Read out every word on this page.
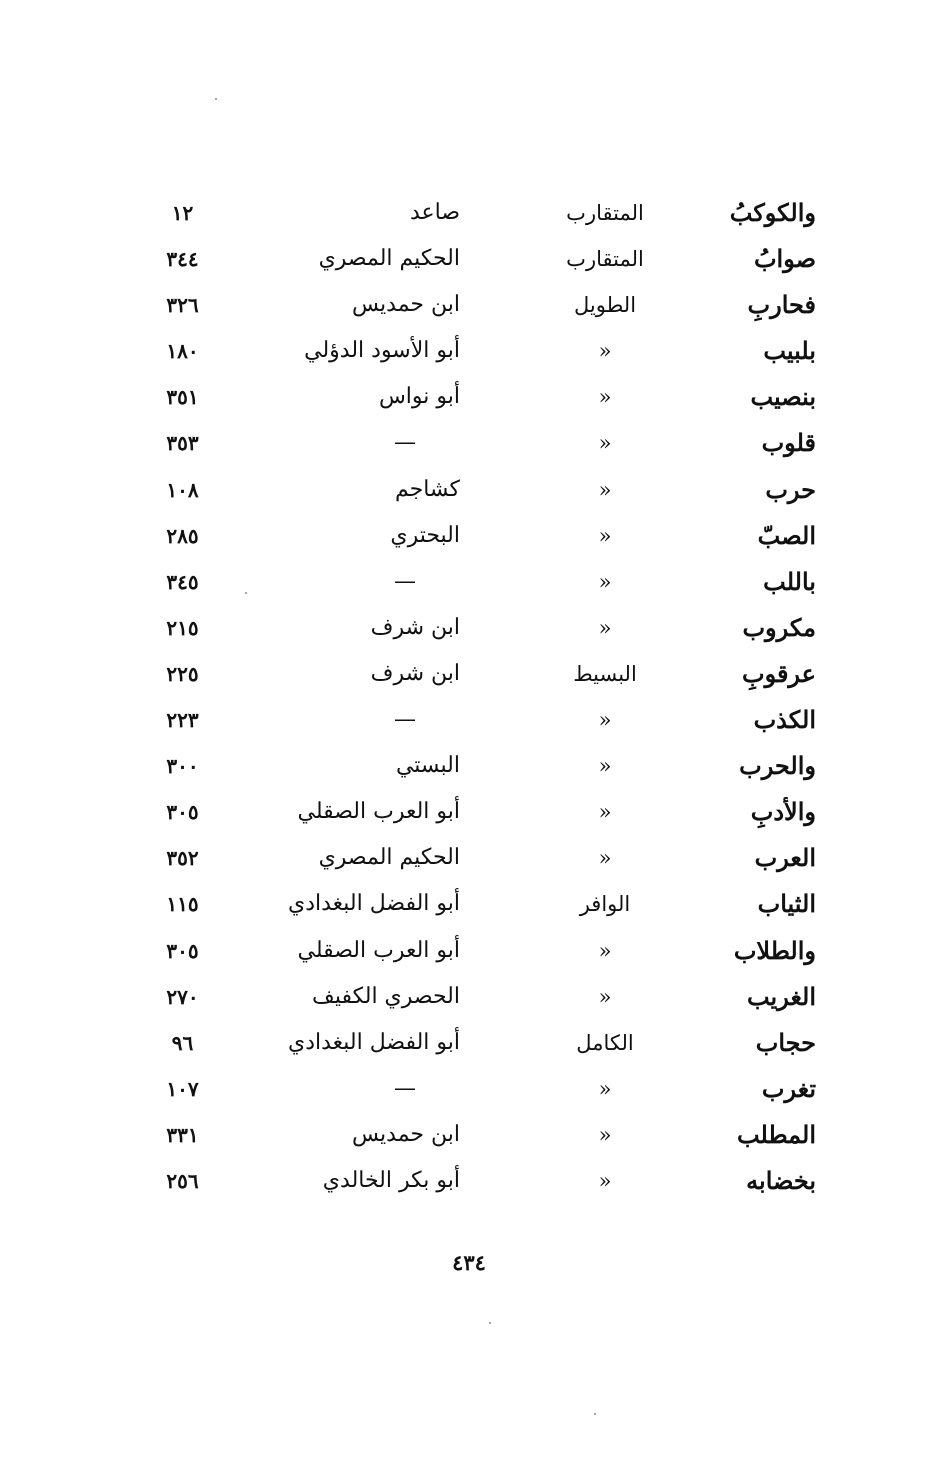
والكوكبُ
المتقارب
صاعد
١٢
صوابُ
المتقارب
الحكيم المصري
٣٤٤
فحاربِ
الطويل
ابن حمديس
٣٢٦
بلبيب
«
أبو الأسود الدؤلي
١٨٠
بنصيب
«
أبو نواس
٣٥١
قلوب
«
—
٣٥٣
حرب
«
كشاجم
١٠٨
الصبّ
«
البحتري
٢٨٥
باللب
«
—
٣٤٥
مكروب
«
ابن شرف
٢١٥
عرقوبِ
البسيط
ابن شرف
٢٢٥
الكذب
«
—
٢٢٣
والحرب
«
البستي
٣٠٠
والأدبِ
«
أبو العرب الصقلي
٣٠٥
العرب
«
الحكيم المصري
٣٥٢
الثياب
الوافر
أبو الفضل البغدادي
١١٥
والطلاب
«
أبو العرب الصقلي
٣٠٥
الغريب
«
الحصري الكفيف
٢٧٠
حجاب
الكامل
أبو الفضل البغدادي
٩٦
تغرب
«
—
١٠٧
المطلب
«
ابن حمديس
٣٣١
بخضابه
«
أبو بكر الخالدي
٢٥٦
٤٣٤
